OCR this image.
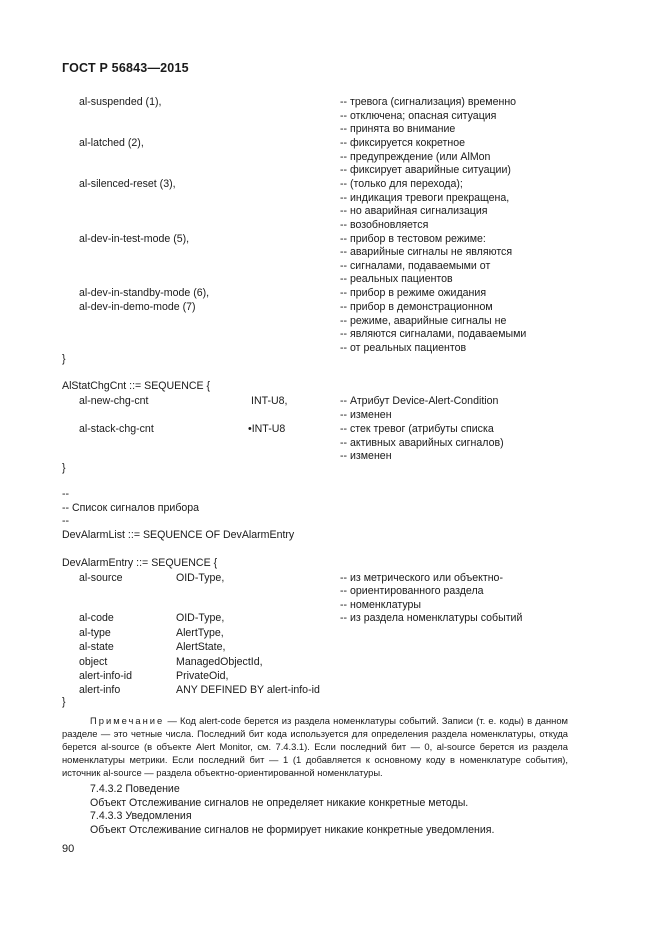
ГОСТ Р 56843—2015
al-suspended (1),	-- тревога (сигнализация) временно
-- отключена; опасная ситуация
-- принята во внимание
al-latched (2),	-- фиксируется кокретное
-- предупреждение (или AlMon
-- фиксирует аварийные ситуации)
al-silenced-reset (3),	-- (только для перехода);
-- индикация тревоги прекращена,
-- но аварийная сигнализация
-- возобновляется
al-dev-in-test-mode (5),	-- прибор в тестовом режиме:
-- аварийные сигналы не являются
-- сигналами, подаваемыми от
-- реальных пациентов
al-dev-in-standby-mode (6),	-- прибор в режиме ожидания
al-dev-in-demo-mode (7)	-- прибор в демонстрационном
-- режиме, аварийные сигналы не
-- являются сигналами, подаваемыми
-- от реальных пациентов
}
AlStatChgCnt ::= SEQUENCE {
al-new-chg-cnt	INT-U8,	-- Атрибут Device-Alert-Condition
-- изменен
al-stack-chg-cnt	•INT-U8	-- стек тревог (атрибуты списка
-- активных аварийных сигналов)
-- изменен
}
--
-- Список сигналов прибора
--
DevAlarmList ::= SEQUENCE OF DevAlarmEntry
DevAlarmEntry ::= SEQUENCE {
al-source	OID-Type,	-- из метрического или объектно-
-- ориентированного раздела
-- номенклатуры
al-code	OID-Type,	-- из раздела номенклатуры событий
al-type	AlertType,
al-state	AlertState,
object	ManagedObjectId,
alert-info-id	PrivateOid,
alert-info	ANY DEFINED BY alert-info-id
}
Примечание — Код alert-code берется из раздела номенклатуры событий. Записи (т. е. коды) в данном разделе — это четные числа. Последний бит кода используется для определения раздела номенклатуры, откуда берется al-source (в объекте Alert Monitor, см. 7.4.3.1). Если последний бит — 0, al-source берется из раздела номенклатуры метрики. Если последний бит — 1 (1 добавляется к основному коду в номенклатуре события), источник al-source — раздела объектно-ориентированной номенклатуры.
7.4.3.2 Поведение
Объект Отслеживание сигналов не определяет никакие конкретные методы.
7.4.3.3 Уведомления
Объект Отслеживание сигналов не формирует никакие конкретные уведомления.
90
